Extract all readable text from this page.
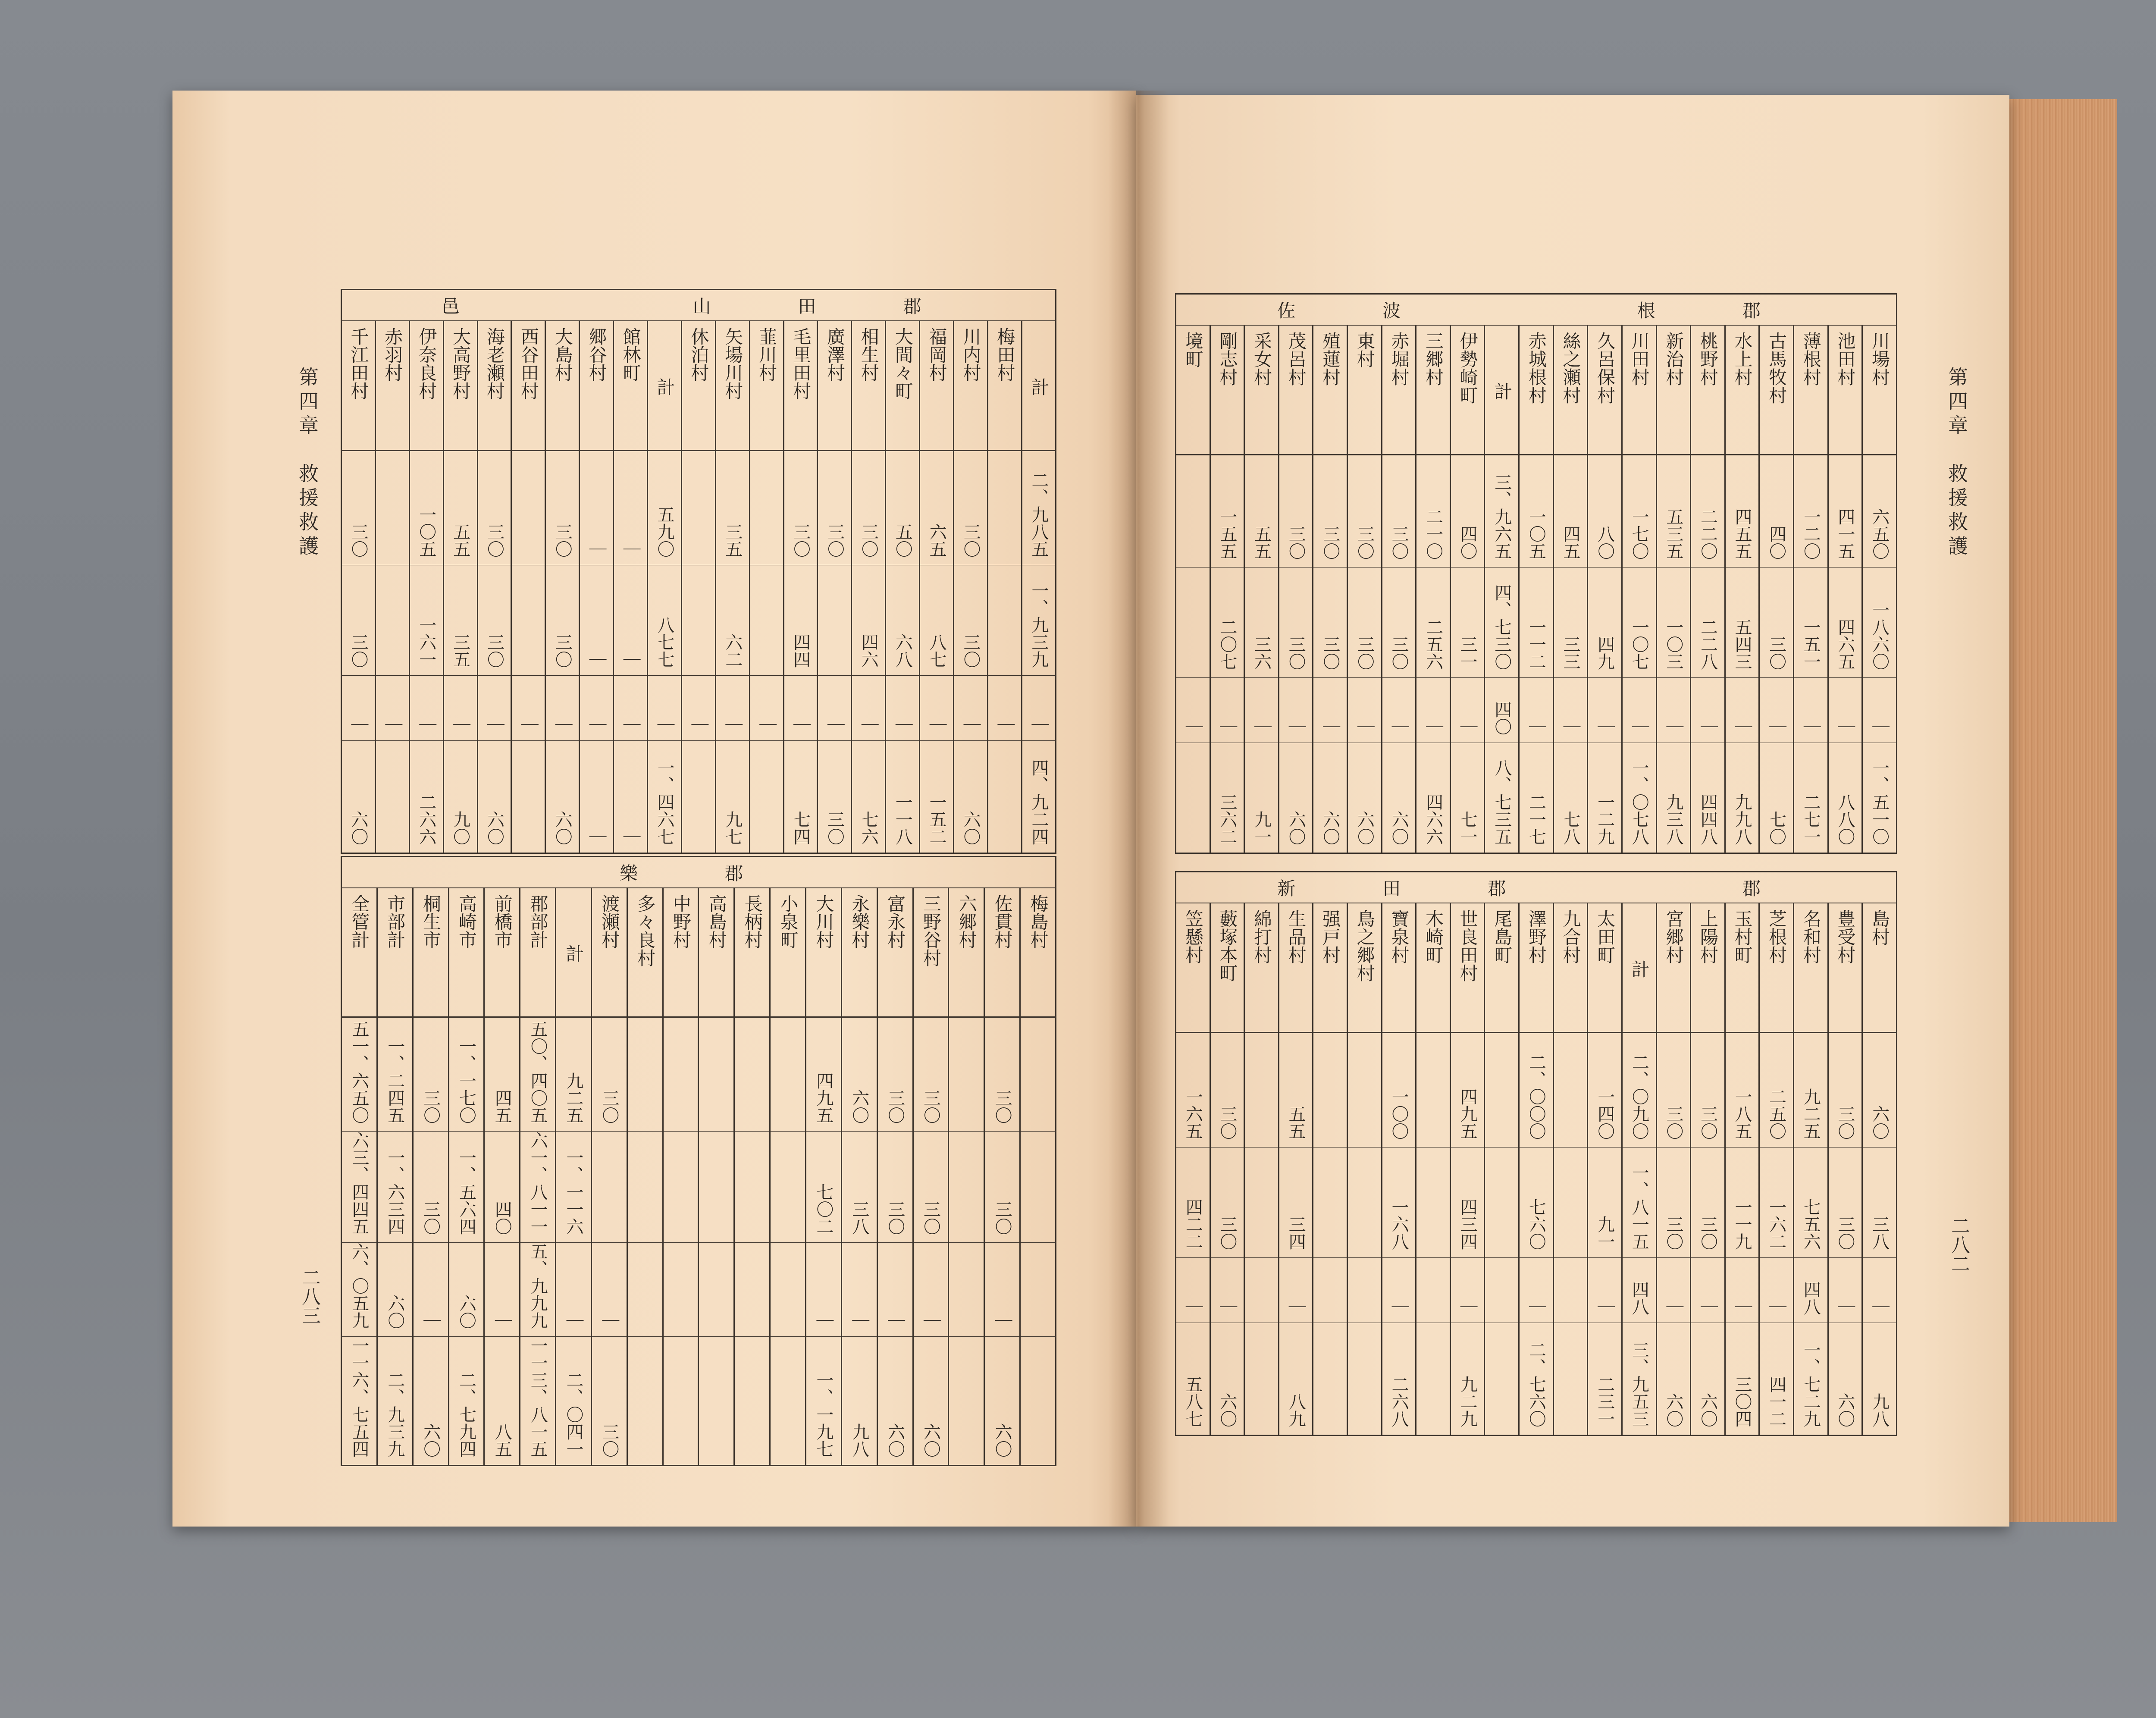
第四章　救援救護
二八三
山　田　郡
邑																				

千江田村	赤羽村	伊奈良村	大高野村	海老瀬村	西谷田村	大島村	郷谷村	館林町	計	休泊村	矢場川村	韮川村	毛里田村	廣澤村	相生村	大間々町	福岡村	川内村	梅田村	計
三〇		一〇五	五五	三〇		三〇	｜	｜	五九〇		三五		三〇	三〇	三〇	五〇	六五	三〇		二、九八五
三〇		一六一	三五	三〇		三〇	｜	｜	八七七		六二		四四		四六	六八	八七	三〇		一、九三九
｜	｜	｜	｜	｜	｜	｜	｜	｜	｜	｜	｜	｜	｜	｜	｜	｜	｜	｜	｜	｜
六〇		二六六	九〇	六〇		六〇	｜	｜	一、四六七		九七		七四	三〇	七六	一一八	一五二	六〇		四、九二四
樂　郡																			

全管計	市部計	桐生市	高崎市	前橋市	郡部計	計	渡瀬村	多々良村	中野村	高島村	長柄村	小泉町	大川村	永樂村	富永村	三野谷村	六郷村	佐貫村	梅島村
五一、六五〇	一、二四五	三〇	一、一七〇	四五	五〇、四〇五	九二五	三〇						四九五	六〇	三〇	三〇		三〇	
六三、四四五	一、六三四	三〇	一、五六四	四〇	六一、八一一	一、一一六							七〇二	三八	三〇	三〇		三〇	
六、〇五九	六〇	｜	六〇	｜	五、九九九	｜	｜						｜	｜	｜	｜		｜	
一一六、七五四	二、九三九	六〇	二、七九四	八五	一一三、八一五	二、〇四一	三〇						一、一九七	九八	六〇	六〇		六〇	
第四章　救援救護
二八二
根　郡
佐　波																				

境町	剛志村	采女村	茂呂村	殖蓮村	東村	赤堀村	三郷村	伊勢崎町	計	赤城根村	絲之瀬村	久呂保村	川田村	新治村	桃野村	水上村	古馬牧村	薄根村	池田村	川場村
	一五五	五五	三〇	三〇	三〇	三〇	二一〇	四〇	三、九六五	一〇五	四五	八〇	一七〇	五三五	二二〇	四五五	四〇	一二〇	四一五	六五〇
	二〇七	三六	三〇	三〇	三〇	三〇	二五六	三一	四、七三〇	一一二	三三	四九	一〇七	一〇三	二二八	五四三	三〇	一五一	四六五	一八六〇
｜	｜	｜	｜	｜	｜	｜	｜	｜	四〇	｜	｜	｜	｜	｜	｜	｜	｜	｜	｜	｜
	三六二	九一	六〇	六〇	六〇	六〇	四六六	七一	八、七三五	二一七	七八	一二九	一、〇七八	九三八	四四八	九九八	七〇	二七一	八八〇	一、五一〇
郡
新　田　郡																				

笠懸村	藪塚本町	綿打村	生品村	强戸村	鳥之郷村	寶泉村	木崎町	世良田村	尾島町	澤野村	九合村	太田町	計	宮郷村	上陽村	玉村町	芝根村	名和村	豊受村	島村
一六五	三〇		五五			一〇〇		四九五		二、〇〇〇		一四〇	二、〇九〇	三〇	三〇	一八五	二五〇	九二五	三〇	六〇
四二二	三〇		三四			一六八		四三四		七六〇		九一	一、八一五	三〇	三〇	一一九	一六二	七五六	三〇	三八
｜	｜		｜			｜		｜		｜		｜	四八	｜	｜	｜	｜	四八	｜	｜
五八七	六〇		八九			二六八		九二九		二、七六〇		二三一	三、九五三	六〇	六〇	三〇四	四一二	一、七二九	六〇	九八
